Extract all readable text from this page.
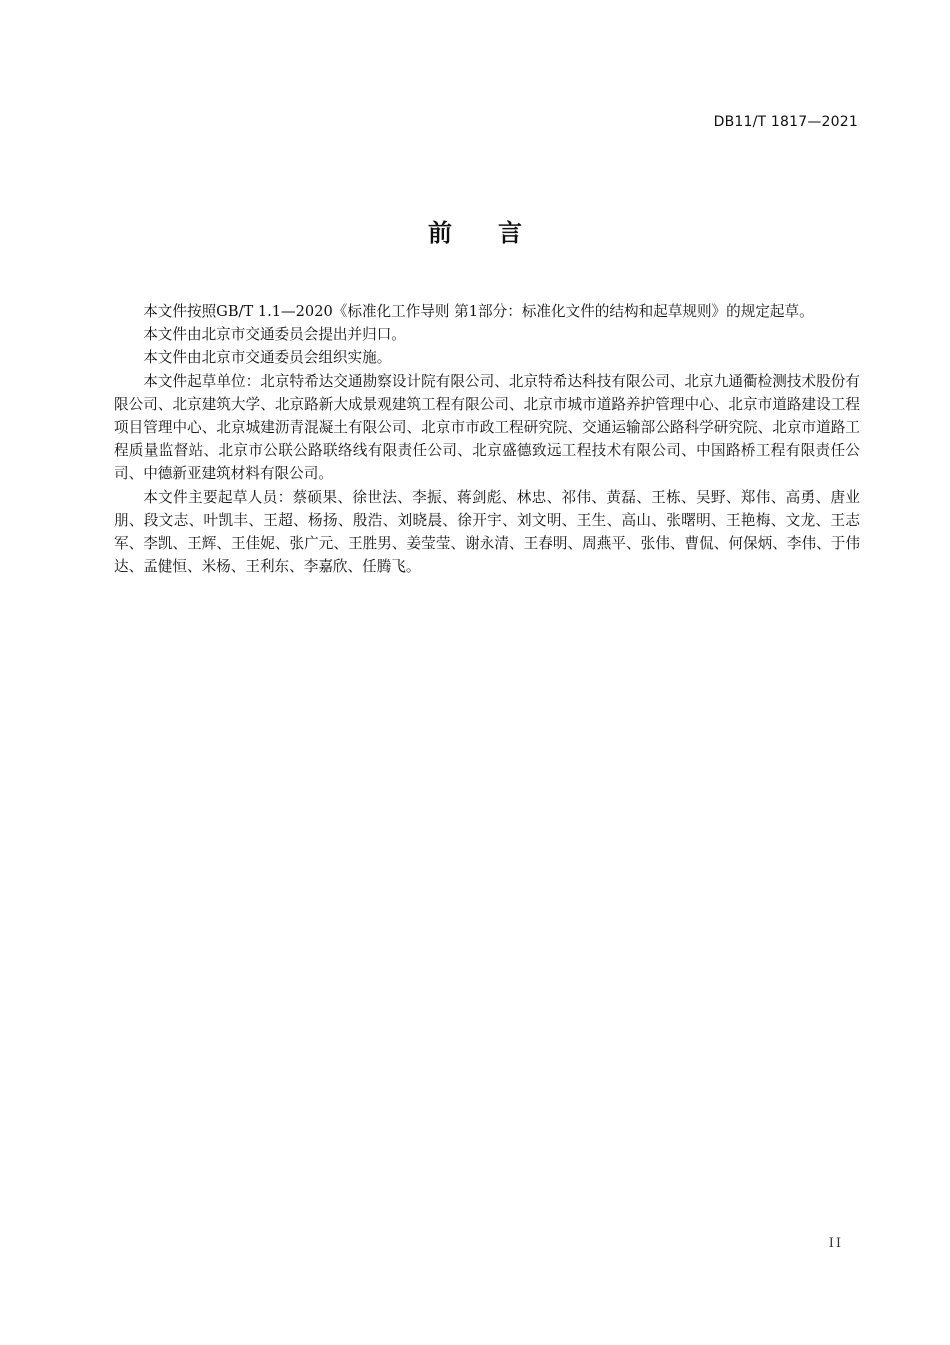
DB11/T 1817—2021
前言

本文件按照GB/T 1.1—2020《标准化工作导则 第1部分：标准化文件的结构和起草规则》的规定起草。

本文件由北京市交通委员会提出并归口。

本文件由北京市交通委员会组织实施。

本文件起草单位：北京特希达交通勘察设计院有限公司、北京特希达科技有限公司、北京九通衢检测技术股份有限公司、北京建筑大学、北京路新大成景观建筑工程有限公司、北京市城市道路养护管理中心、北京市道路建设工程项目管理中心、北京城建沥青混凝土有限公司、北京市市政工程研究院、交通运输部公路科学研究院、北京市道路工程质量监督站、北京市公联公路联络线有限责任公司、北京盛德致远工程技术有限公司、中国路桥工程有限责任公司、中德新亚建筑材料有限公司。

本文件主要起草人员：蔡硕果、徐世法、李振、蒋剑彪、林忠、祁伟、黄磊、王栋、吴野、郑伟、高勇、唐业朋、段文志、叶凯丰、王超、杨扬、殷浩、刘晓晨、徐开宇、刘文明、王生、高山、张曙明、王艳梅、文龙、王志军、李凯、王辉、王佳妮、张广元、王胜男、姜莹莹、谢永清、王春明、周燕平、张伟、曹侃、何保炳、李伟、于伟达、孟健恒、米杨、王利东、李嘉欣、任腾飞。

II
